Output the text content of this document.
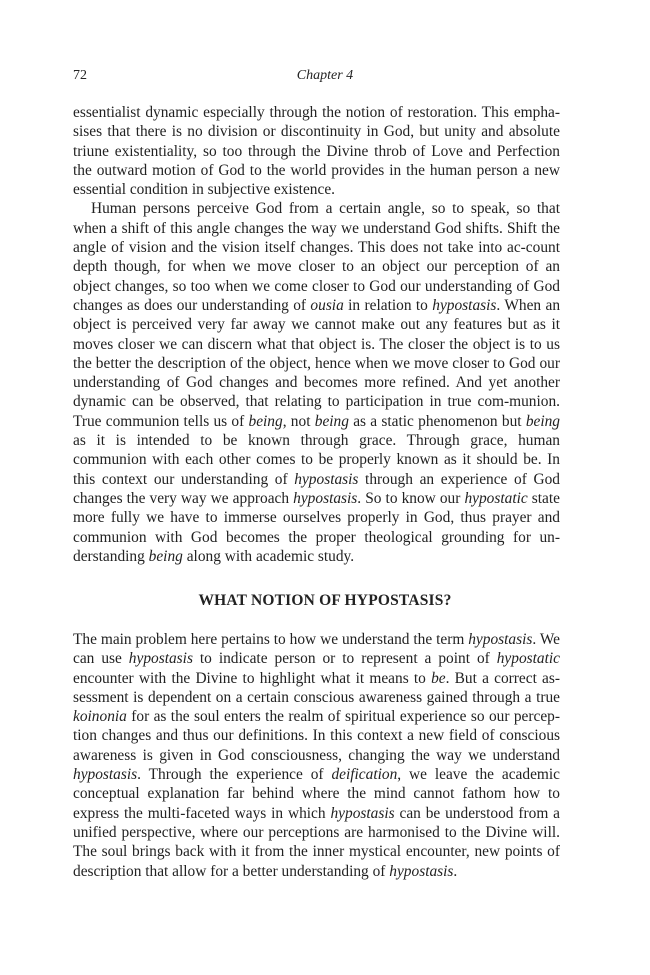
72	Chapter 4

essentialist dynamic especially through the notion of restoration. This empha-sises that there is no division or discontinuity in God, but unity and absolute triune existentiality, so too through the Divine throb of Love and Perfection the outward motion of God to the world provides in the human person a new essential condition in subjective existence.

Human persons perceive God from a certain angle, so to speak, so that when a shift of this angle changes the way we understand God shifts. Shift the angle of vision and the vision itself changes. This does not take into ac-count depth though, for when we move closer to an object our perception of an object changes, so too when we come closer to God our understanding of God changes as does our understanding of ousia in relation to hypostasis. When an object is perceived very far away we cannot make out any features but as it moves closer we can discern what that object is. The closer the object is to us the better the description of the object, hence when we move closer to God our understanding of God changes and becomes more refined. And yet another dynamic can be observed, that relating to participation in true com-munion. True communion tells us of being, not being as a static phenomenon but being as it is intended to be known through grace. Through grace, human communion with each other comes to be properly known as it should be. In this context our understanding of hypostasis through an experience of God changes the very way we approach hypostasis. So to know our hypostatic state more fully we have to immerse ourselves properly in God, thus prayer and communion with God becomes the proper theological grounding for un-derstanding being along with academic study.

WHAT NOTION OF HYPOSTASIS?

The main problem here pertains to how we understand the term hypostasis. We can use hypostasis to indicate person or to represent a point of hypostatic encounter with the Divine to highlight what it means to be. But a correct as-sessment is dependent on a certain conscious awareness gained through a true koinonia for as the soul enters the realm of spiritual experience so our percep-tion changes and thus our definitions. In this context a new field of conscious awareness is given in God consciousness, changing the way we understand hypostasis. Through the experience of deification, we leave the academic conceptual explanation far behind where the mind cannot fathom how to express the multi-faceted ways in which hypostasis can be understood from a unified perspective, where our perceptions are harmonised to the Divine will. The soul brings back with it from the inner mystical encounter, new points of description that allow for a better understanding of hypostasis.
